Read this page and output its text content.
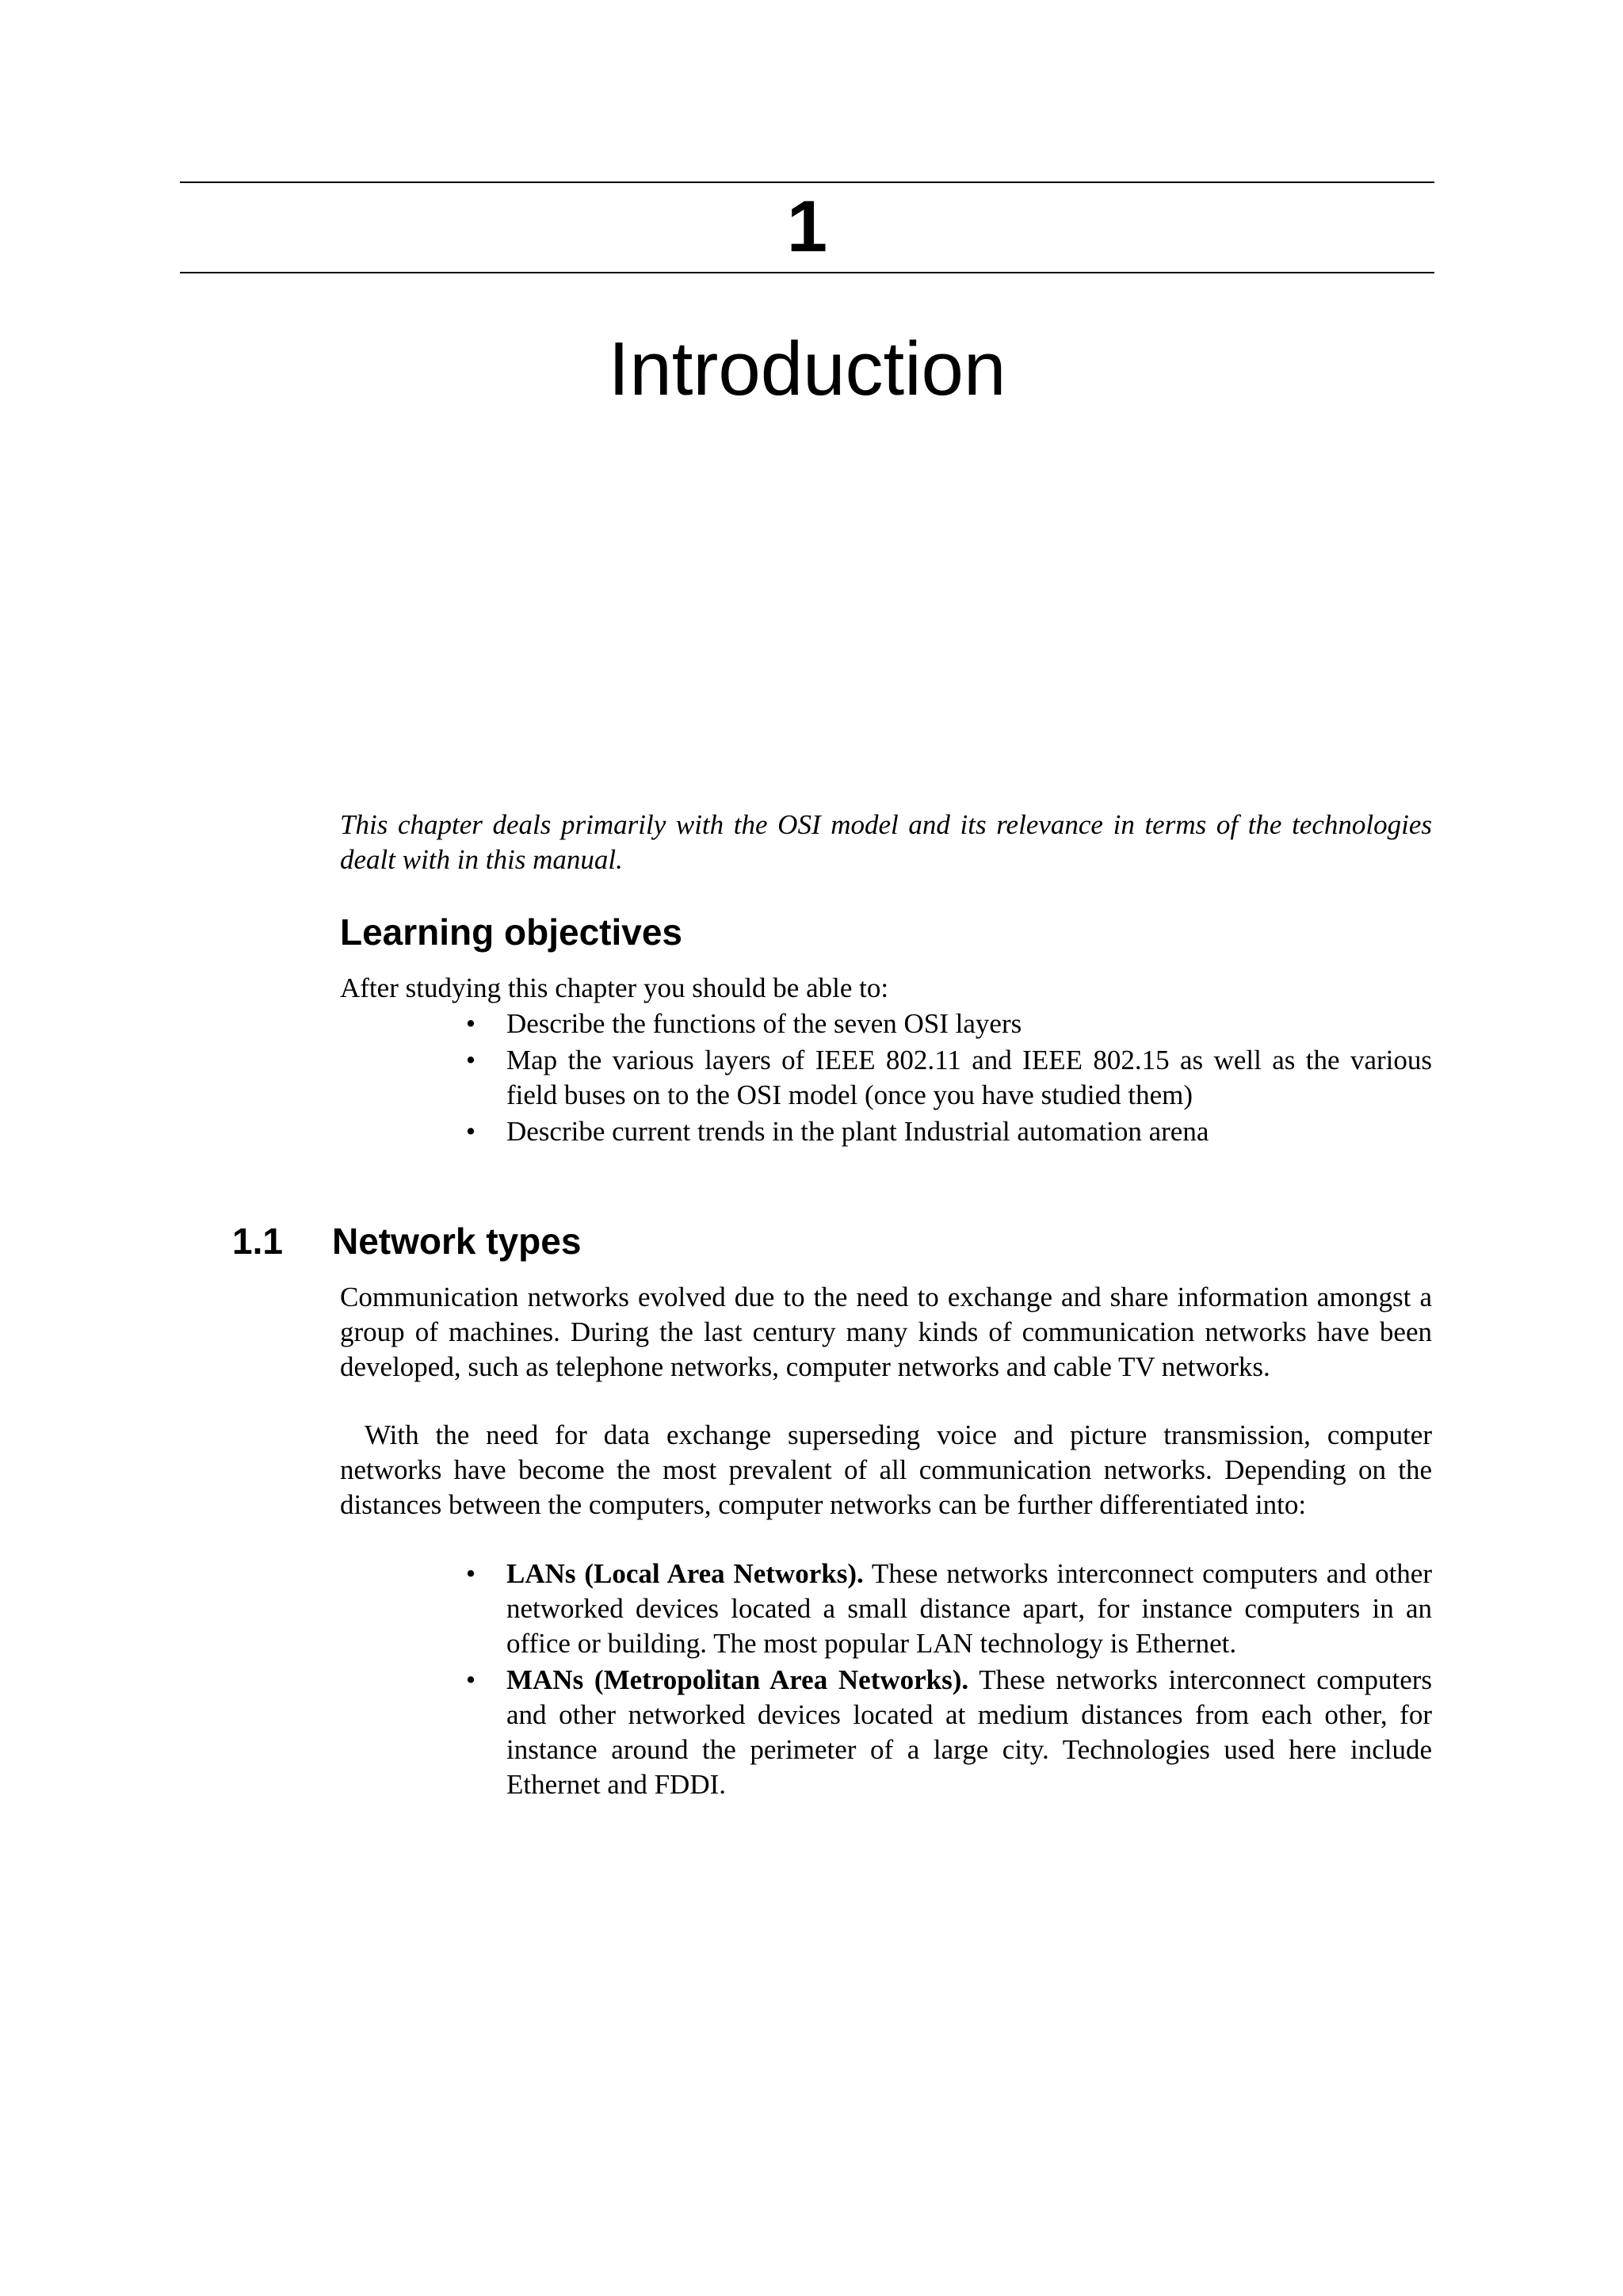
1
Introduction

This chapter deals primarily with the OSI model and its relevance in terms of the technologies dealt with in this manual.

Learning objectives

After studying this chapter you should be able to:

• Describe the functions of the seven OSI layers
• Map the various layers of IEEE 802.11 and IEEE 802.15 as well as the various field buses on to the OSI model (once you have studied them)
• Describe current trends in the plant Industrial automation arena
1.1 Network types

Communication networks evolved due to the need to exchange and share information amongst a group of machines. During the last century many kinds of communication networks have been developed, such as telephone networks, computer networks and cable TV networks.

With the need for data exchange superseding voice and picture transmission, computer networks have become the most prevalent of all communication networks. Depending on the distances between the computers, computer networks can be further differentiated into:

• LANs (Local Area Networks). These networks interconnect computers and other networked devices located a small distance apart, for instance computers in an office or building. The most popular LAN technology is Ethernet.
• MANs (Metropolitan Area Networks). These networks interconnect computers and other networked devices located at medium distances from each other, for instance around the perimeter of a large city. Technologies used here include Ethernet and FDDI.
